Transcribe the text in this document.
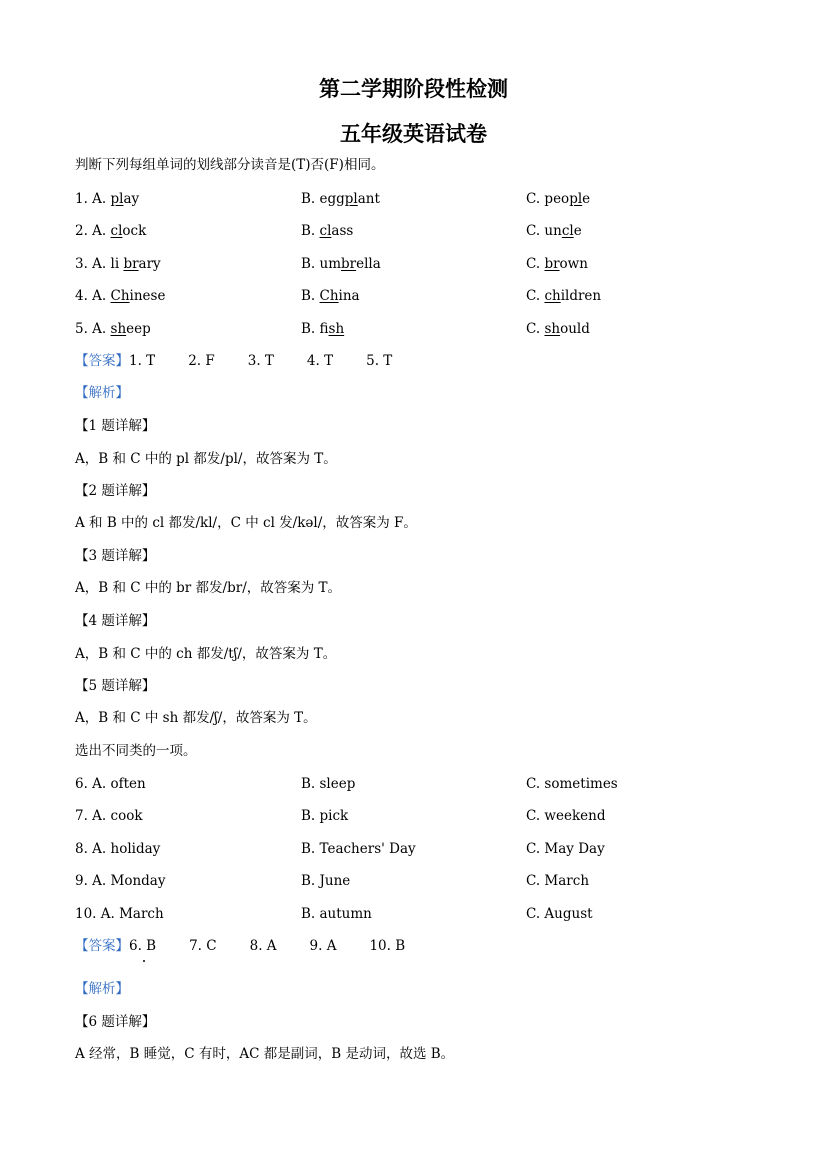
第二学期阶段性检测
五年级英语试卷
判断下列每组单词的划线部分读音是(T)否(F)相同。
1. A. play	B. eggplant	C. people
2. A. clock	B. class	C. uncle
3. A. li brary	B. umbrella	C. brown
4. A. Chinese	B. China	C. children
5. A. sheep	B. fish	C. should
【答案】1. T 2. F 3. T 4. T 5. T
【解析】
【1 题详解】
A，B 和 C 中的 pl 都发/pl/，故答案为 T。
【2 题详解】
A 和 B 中的 cl 都发/kl/，C 中 cl 发/kəl/，故答案为 F。
【3 题详解】
A，B 和 C 中的 br 都发/br/，故答案为 T。
【4 题详解】
A，B 和 C 中的 ch 都发/tʃ/，故答案为 T。
【5 题详解】
A，B 和 C 中 sh 都发/ʃ/，故答案为 T。
选出不同类的一项。
6. A. often	B. sleep	C. sometimes
7. A. cook	B. pick	C. weekend
8. A. holiday	B. Teachers' Day	C. May Day
9. A. Monday	B. June	C. March
10. A. March	B. autumn	C. August
【答案】6. B 7. C 8. A 9. A 10. B
【解析】
【6 题详解】
A 经常，B 睡觉，C 有时，AC 都是副词，B 是动词，故选 B。
